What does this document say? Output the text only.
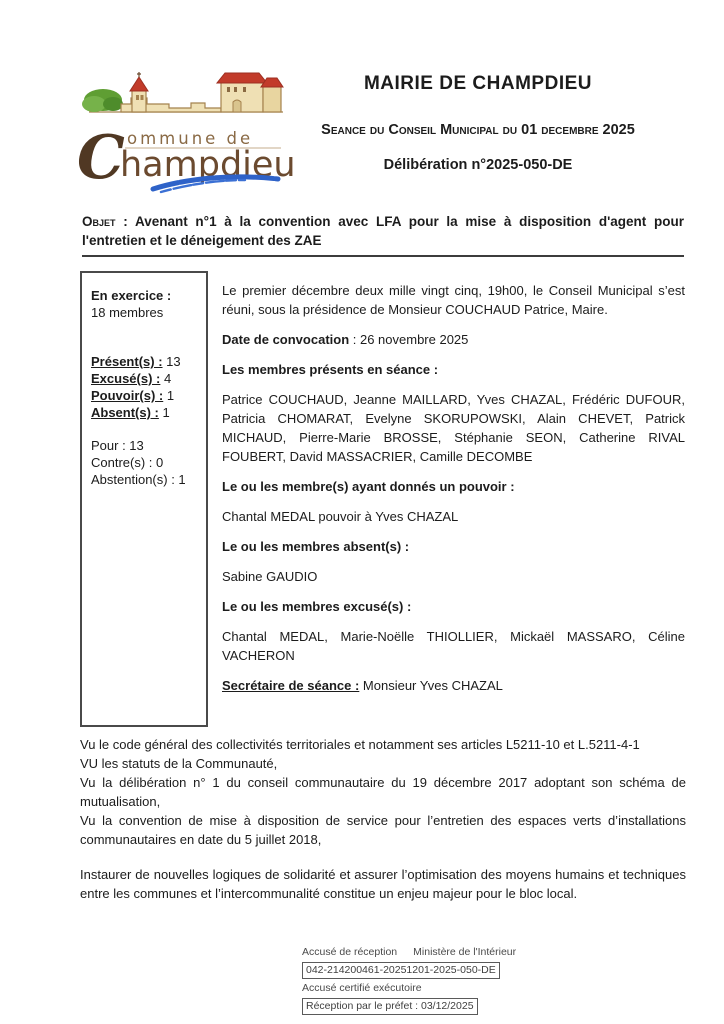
ommune de
C
hampdieu
MAIRIE DE CHAMPDIEU
Seance du Conseil Municipal du 01 decembre 2025
Délibération n°2025-050-DE
Objet : Avenant n°1 à la convention avec LFA pour la mise à disposition d'agent pour l'entretien et le déneigement des ZAE
En exercice :
18 membres
Présent(s) : 13
Excusé(s) : 4
Pouvoir(s) : 1
Absent(s) : 1
Pour : 13
Contre(s) : 0
Abstention(s) : 1

Le premier décembre deux mille vingt cinq, 19h00, le Conseil Municipal s’est réuni, sous la présidence de Monsieur COUCHAUD Patrice, Maire.

Date de convocation : 26 novembre 2025

Les membres présents en séance :

Patrice COUCHAUD, Jeanne MAILLARD, Yves CHAZAL, Frédéric DUFOUR, Patricia CHOMARAT, Evelyne SKORUPOWSKI, Alain CHEVET, Patrick MICHAUD, Pierre-Marie BROSSE, Stéphanie SEON, Catherine RIVAL FOUBERT, David MASSACRIER, Camille DECOMBE

Le ou les membre(s) ayant donnés un pouvoir :

Chantal MEDAL pouvoir à Yves CHAZAL

Le ou les membres absent(s) :

Sabine GAUDIO

Le ou les membres excusé(s) :

Chantal MEDAL, Marie-Noëlle THIOLLIER, Mickaël MASSARO, Céline VACHERON

Secrétaire de séance : Monsieur Yves CHAZAL

Vu le code général des collectivités territoriales et notamment ses articles L5211-10 et L.5211-4-1

VU les statuts de la Communauté,

Vu la délibération n° 1 du conseil communautaire du 19 décembre 2017 adoptant son schéma de mutualisation,

Vu la convention de mise à disposition de service pour l’entretien des espaces verts d’installations communautaires en date du 5 juillet 2018,

Instaurer de nouvelles logiques de solidarité et assurer l’optimisation des moyens humains et techniques entre les communes et l’intercommunalité constitue un enjeu majeur pour le bloc local.

Accusé de réception Ministère de l'Intérieur
042-214200461-20251201-2025-050-DE
Accusé certifié exécutoire
Réception par le préfet : 03/12/2025
